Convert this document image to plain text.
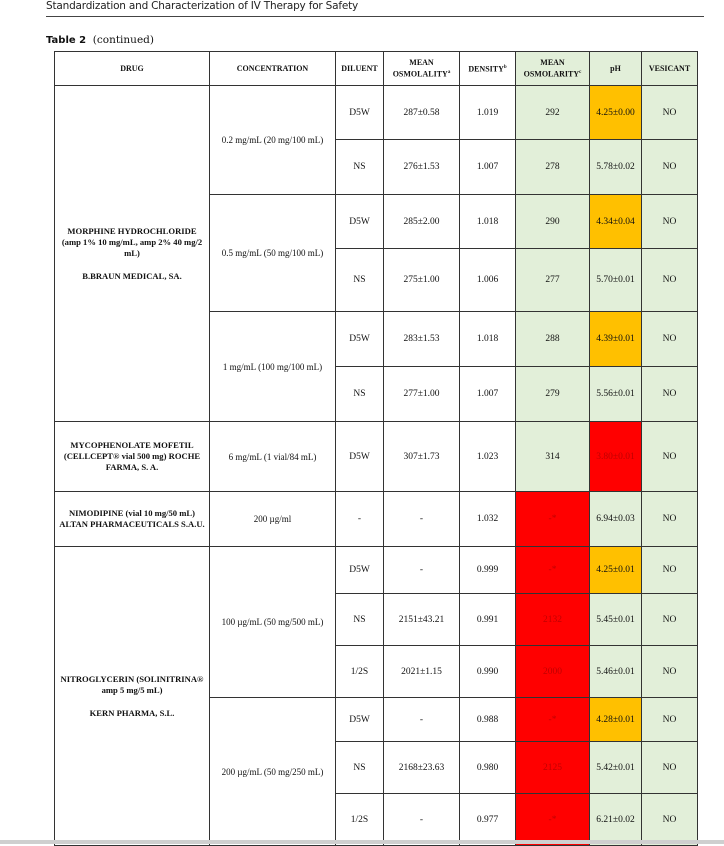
Standardization and Characterization of IV Therapy for Safety
Table 2 (continued)
DRUG	CONCENTRATION	DILUENT	MEAN OSMOLALITY$^a$	DENSITY$^b$	MEAN OSMOLARITY$^c$	pH	VESICANT

MORPHINE HYDROCHLORIDE (amp 1% 10 mg/mL, amp 2% 40 mg/2 mL)
B.BRAUN MEDICAL, SA.	0.2 mg/mL (20 mg/100 mL)	D5W	287±0.58	1.019	292	4.25±0.00	NO
		NS	276±1.53	1.007	278	5.78±0.02	NO
	0.5 mg/mL (50 mg/100 mL)	D5W	285±2.00	1.018	290	4.34±0.04	NO
		NS	275±1.00	1.006	277	5.70±0.01	NO
	1 mg/mL (100 mg/100 mL)	D5W	283±1.53	1.018	288	4.39±0.01	NO
		NS	277±1.00	1.007	279	5.56±0.01	NO

MYCOPHENOLATE MOFETIL (CELLCEPT® vial 500 mg) ROCHE FARMA, S. A.	6 mg/mL (1 vial/84 mL)	D5W	307±1.73	1.023	314	3.80±0.01	NO

NIMODIPINE (vial 10 mg/50 mL) ALTAN PHARMACEUTICALS S.A.U.	200 µg/ml	-	-	1.032	-*	6.94±0.03	NO

NITROGLYCERIN (SOLINITRINA® amp 5 mg/5 mL)
KERN PHARMA, S.L.	100 µg/mL (50 mg/500 mL)	D5W	-	0.999	-*	4.25±0.01	NO
		NS	2151±43.21	0.991	2132	5.45±0.01	NO
		1/2S	2021±1.15	0.990	2000	5.46±0.01	NO
	200 µg/mL (50 mg/250 mL)	D5W	-	0.988	-*	4.28±0.01	NO
		NS	2168±23.63	0.980	2125	5.42±0.01	NO
		1/2S	-	0.977	-*	6.21±0.02	NO
